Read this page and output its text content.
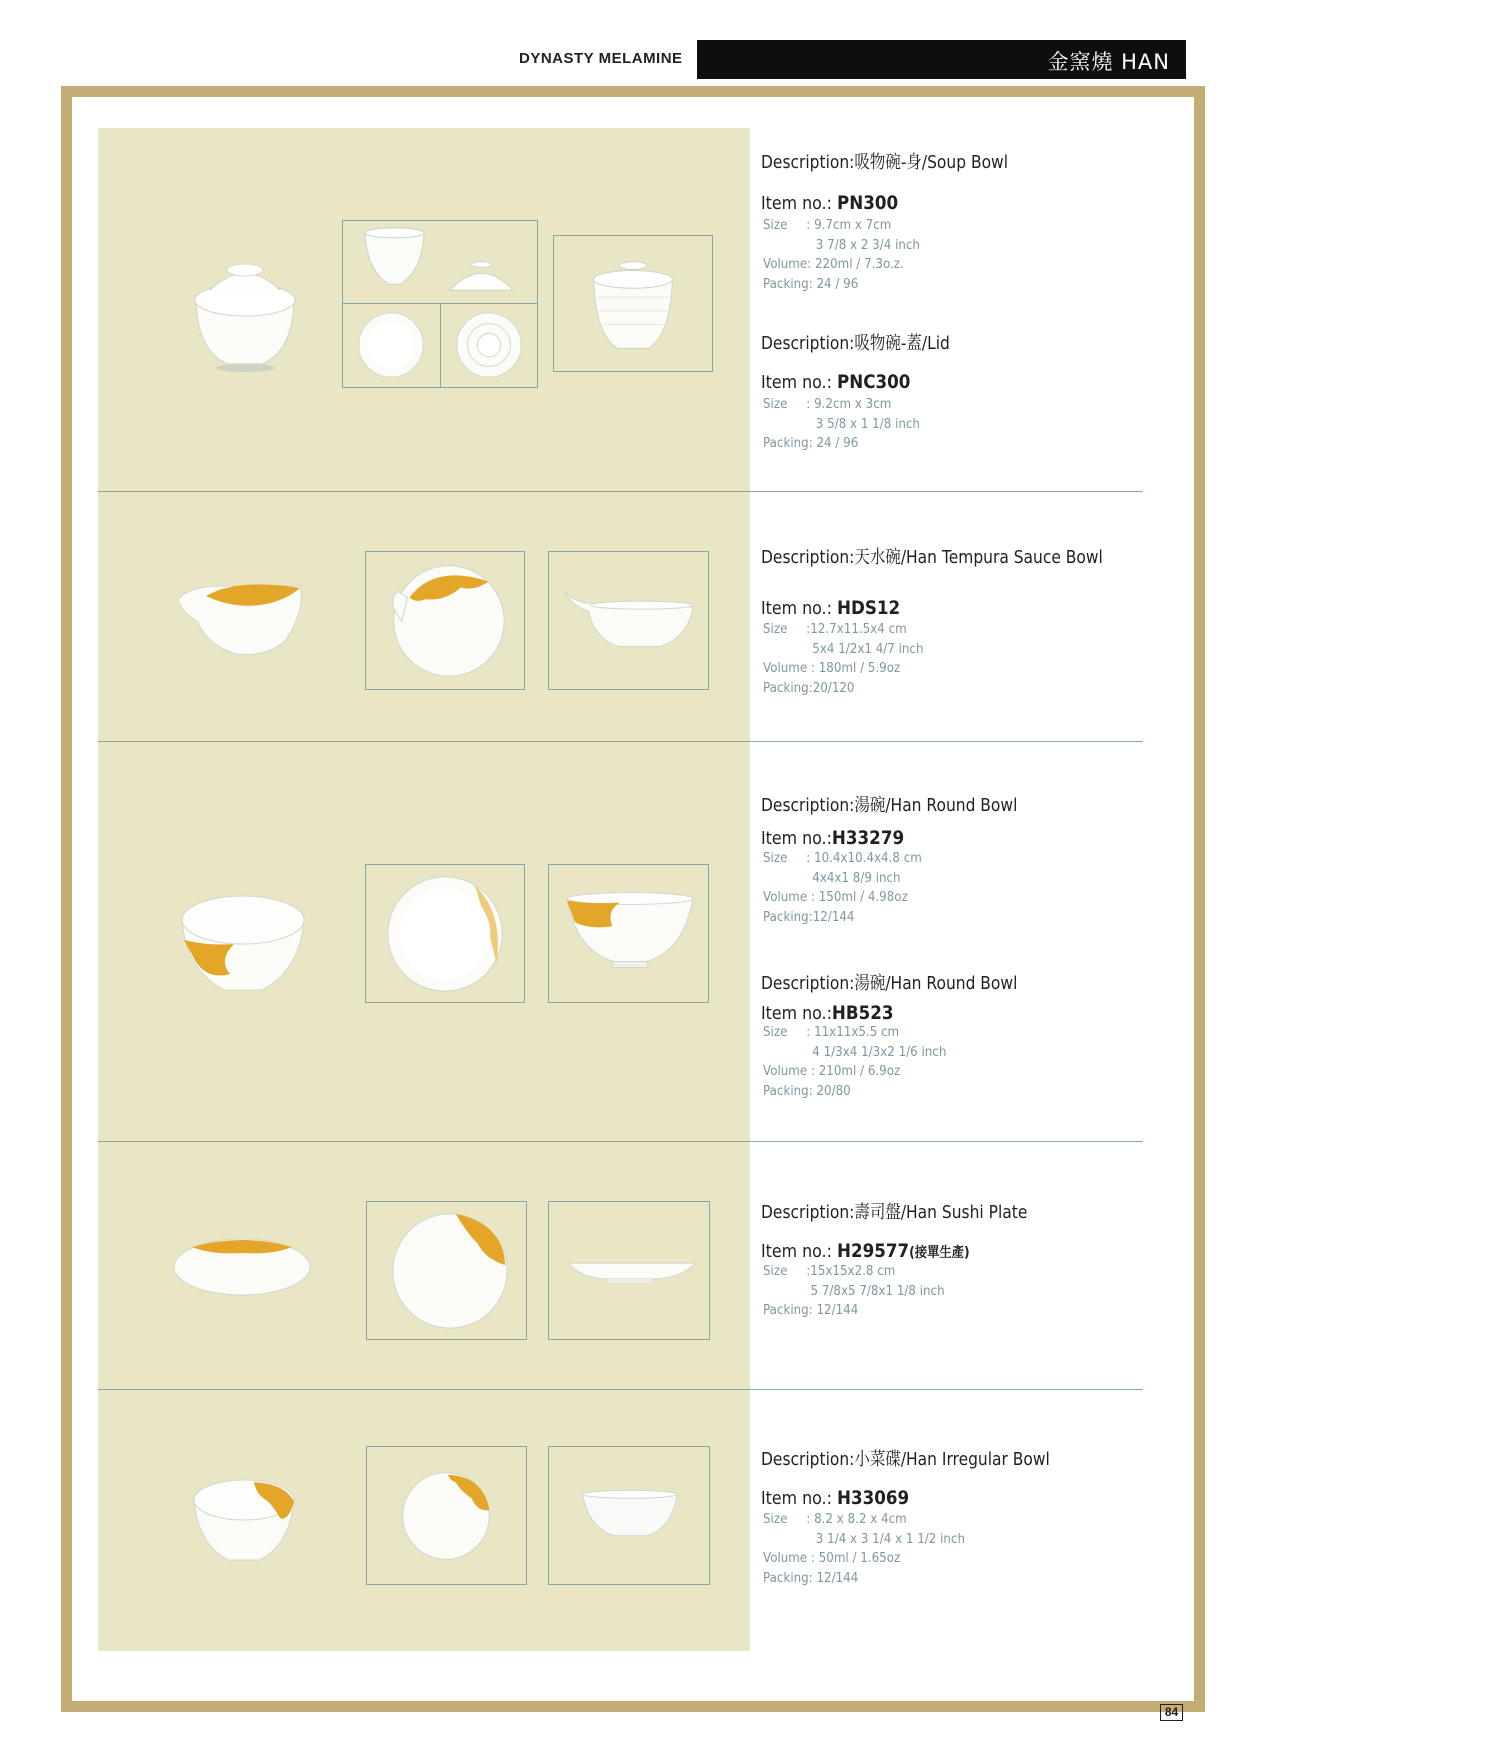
DYNASTY MELAMINE	FRIMO MELAMINE
金窯燒 HAN
Description:吸物碗-身/Soup Bowl
Item no.: PN300
Size : 9.7cm x 7cm
3 7/8 x 2 3/4 inch
Volume: 220ml / 7.3o.z.
Packing: 24 / 96
Description:吸物碗-蓋/Lid
Item no.: PNC300
Size : 9.2cm x 3cm
3 5/8 x 1 1/8 inch
Packing: 24 / 96
Description:天水碗/Han Tempura Sauce Bowl
Item no.: HDS12
Size :12.7x11.5x4 cm
5x4 1/2x1 4/7 inch
Volume : 180ml / 5.9oz
Packing:20/120
Description:湯碗/Han Round Bowl
Item no.:H33279
Size : 10.4x10.4x4.8 cm
4x4x1 8/9 inch
Volume : 150ml / 4.98oz
Packing:12/144
Description:湯碗/Han Round Bowl
Item no.:HB523
Size : 11x11x5.5 cm
4 1/3x4 1/3x2 1/6 inch
Volume : 210ml / 6.9oz
Packing: 20/80
Description:壽司盤/Han Sushi Plate
Item no.: H29577(接單生產)
Size :15x15x2.8 cm
5 7/8x5 7/8x1 1/8 inch
Packing: 12/144
Description:小菜碟/Han Irregular Bowl
Item no.: H33069
Size : 8.2 x 8.2 x 4cm
3 1/4 x 3 1/4 x 1 1/2 inch
Volume : 50ml / 1.65oz
Packing: 12/144
84
